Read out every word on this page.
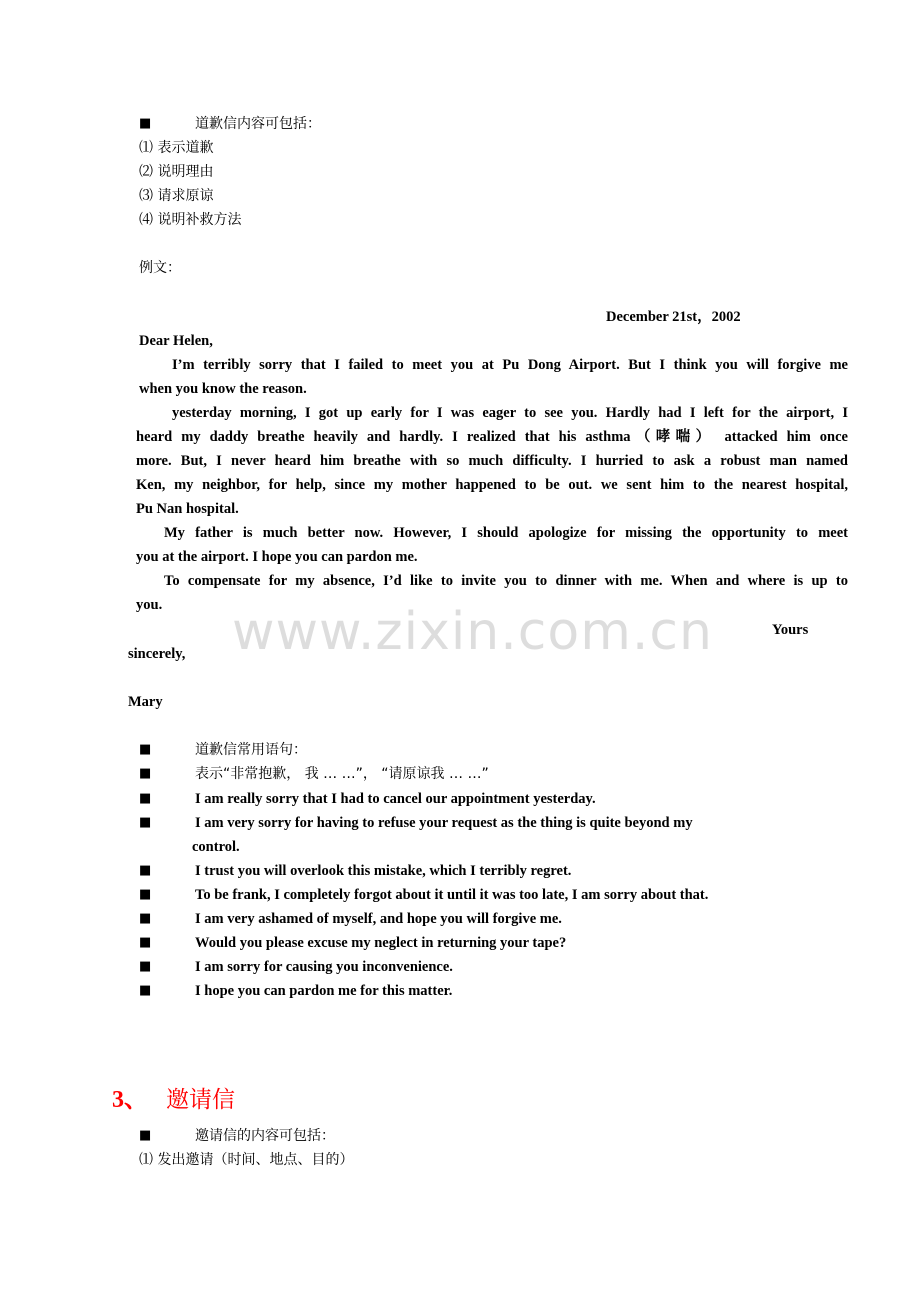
■	道歉信内容可包括：
⑴ 表示道歉
⑵ 说明理由
⑶ 请求原谅
⑷ 说明补救方法
例文：
December 21st，2002
Dear Helen,
I’m terribly sorry that I failed to meet you at Pu Dong Airport. But I think you will forgive me
when you know the reason.
yesterday morning, I got up early for I was eager to see you. Hardly had I left for the airport, I
heard my daddy breathe heavily and hardly. I realized that his asthma（哮喘） attacked him once
more. But, I never heard him breathe with so much difficulty. I hurried to ask a robust man named
Ken, my neighbor, for help, since my mother happened to be out. we sent him to the nearest hospital,
Pu Nan hospital.
My father is much better now. However, I should apologize for missing the opportunity to meet
you at the airport. I hope you can pardon me.
To compensate for my absence, I’d like to invite you to dinner with me. When and where is up to
you.
Yours
sincerely,
Mary
www.zixin.com.cn
■	道歉信常用语句：
■	表示“非常抱歉， 我 … …”， “请原谅我 … …”
■	I am really sorry that I had to cancel our appointment yesterday.
■	I am very sorry for having to refuse your request as the thing is quite beyond my
control.
■	I trust you will overlook this mistake, which I terribly regret.
■	To be frank, I completely forgot about it until it was too late, I am sorry about that.
■	I am very ashamed of myself, and hope you will forgive me.
■	Would you please excuse my neglect in returning your tape?
■	I am sorry for causing you inconvenience.
■	I hope you can pardon me for this matter.
3、 邀请信
■	邀请信的内容可包括：
⑴ 发出邀请（时间、地点、目的）
